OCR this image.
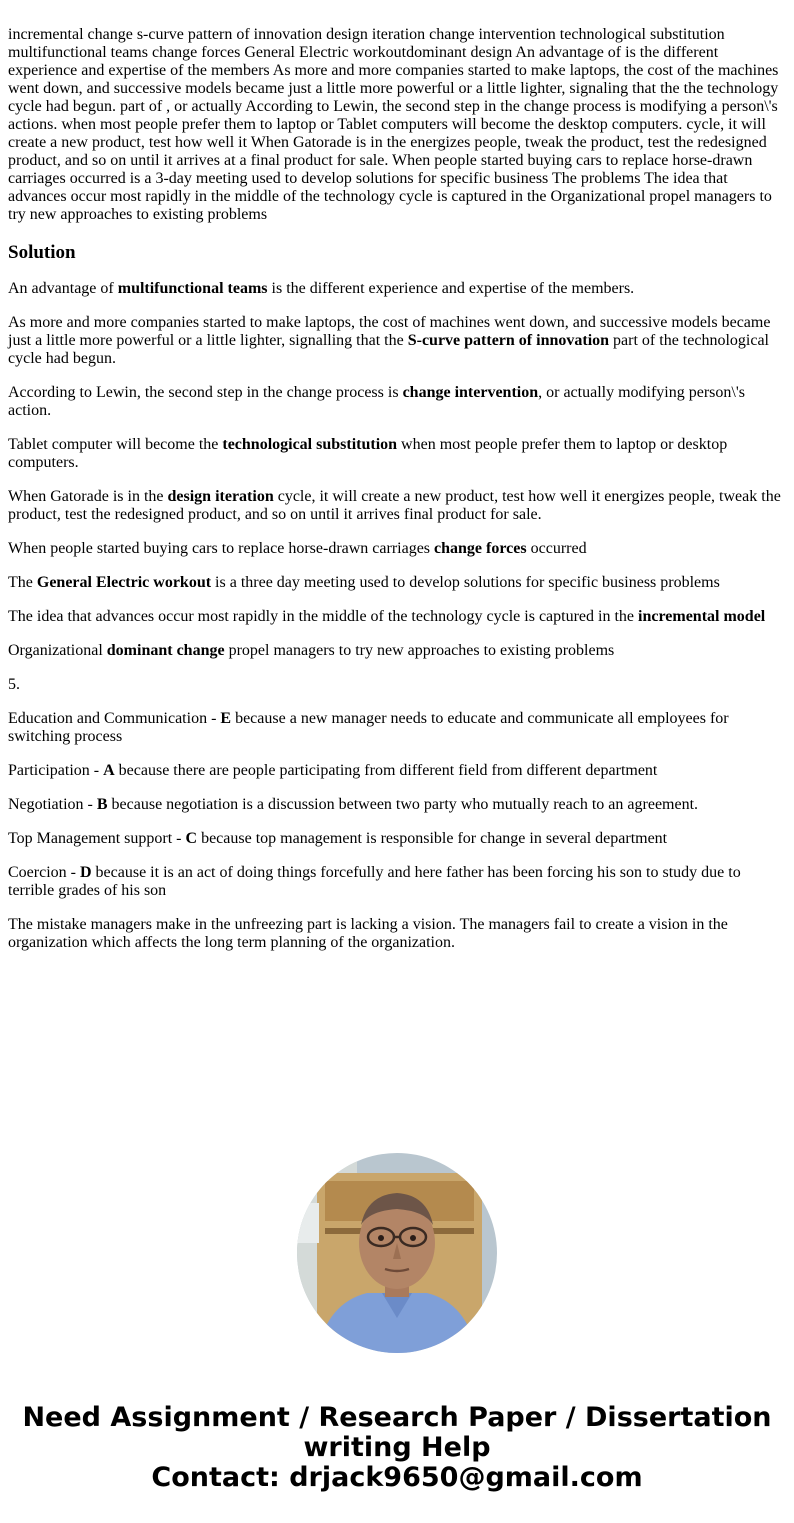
incremental change s-curve pattern of innovation design iteration change intervention technological substitution multifunctional teams change forces General Electric workoutdominant design An advantage of is the different experience and expertise of the members As more and more companies started to make laptops, the cost of the machines went down, and successive models became just a little more powerful or a little lighter, signaling that the the technology cycle had begun. part of , or actually According to Lewin, the second step in the change process is modifying a person\'s actions. when most people prefer them to laptop or Tablet computers will become the desktop computers. cycle, it will create a new product, test how well it When Gatorade is in the energizes people, tweak the product, test the redesigned product, and so on until it arrives at a final product for sale. When people started buying cars to replace horse-drawn carriages occurred is a 3-day meeting used to develop solutions for specific business The problems The idea that advances occur most rapidly in the middle of the technology cycle is captured in the Organizational propel managers to try new approaches to existing problems
Solution

An advantage of multifunctional teams is the different experience and expertise of the members.

As more and more companies started to make laptops, the cost of machines went down, and successive models became just a little more powerful or a little lighter, signalling that the S-curve pattern of innovation part of the technological cycle had begun.

According to Lewin, the second step in the change process is change intervention, or actually modifying person\'s action.

Tablet computer will become the technological substitution when most people prefer them to laptop or desktop computers.

When Gatorade is in the design iteration cycle, it will create a new product, test how well it energizes people, tweak the product, test the redesigned product, and so on until it arrives final product for sale.

When people started buying cars to replace horse-drawn carriages change forces occurred

The General Electric workout is a three day meeting used to develop solutions for specific business problems

The idea that advances occur most rapidly in the middle of the technology cycle is captured in the incremental model

Organizational dominant change propel managers to try new approaches to existing problems

5.

Education and Communication - E because a new manager needs to educate and communicate all employees for switching process

Participation - A because there are people participating from different field from different department

Negotiation - B because negotiation is a discussion between two party who mutually reach to an agreement.

Top Management support - C because top management is responsible for change in several department

Coercion - D because it is an act of doing things forcefully and here father has been forcing his son to study due to terrible grades of his son

The mistake managers make in the unfreezing part is lacking a vision. The managers fail to create a vision in the organization which affects the long term planning of the organization.

Need Assignment / Research Paper / Dissertation
writing Help
Contact: drjack9650@gmail.com
